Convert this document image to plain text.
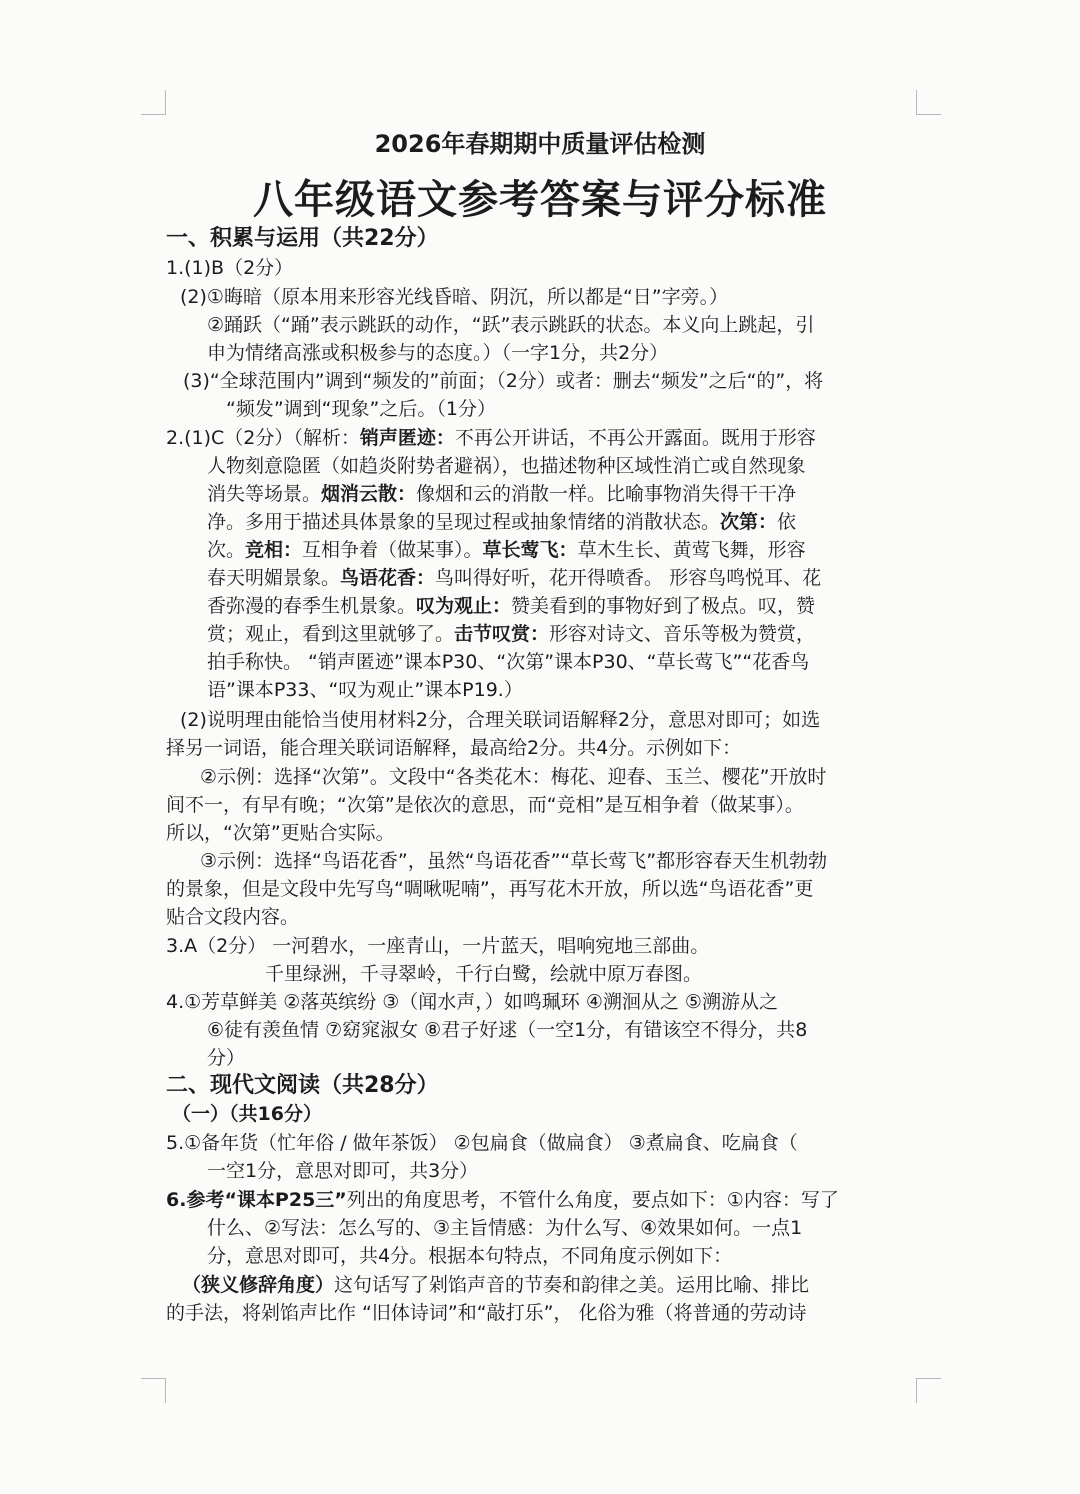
2026年春期期中质量评估检测
八年级语文参考答案与评分标准
一、积累与运用（共22分）
1.(1)B（2分）
(2)①晦暗（原本用来形容光线昏暗、阴沉，所以都是“日”字旁。）
②踊跃（“踊”表示跳跃的动作，“跃”表示跳跃的状态。本义向上跳起，引
申为情绪高涨或积极参与的态度。）（一字1分，共2分）
(3)“全球范围内”调到“频发的”前面；（2分）或者：删去“频发”之后“的”，将
“频发”调到“现象”之后。（1分）
2.(1)C（2分）（解析：销声匿迹：不再公开讲话，不再公开露面。既用于形容
人物刻意隐匿（如趋炎附势者避祸），也描述物种区域性消亡或自然现象
消失等场景。烟消云散：像烟和云的消散一样。比喻事物消失得干干净
净。多用于描述具体景象的呈现过程或抽象情绪的消散状态。次第：依
次。竞相：互相争着（做某事）。草长莺飞：草木生长、黄莺飞舞，形容
春天明媚景象。鸟语花香：鸟叫得好听，花开得喷香。 形容鸟鸣悦耳、花
香弥漫的春季生机景象。叹为观止：赞美看到的事物好到了极点。叹，赞
赏；观止，看到这里就够了。击节叹赏：形容对诗文、音乐等极为赞赏，
拍手称快。 “销声匿迹”课本P30、“次第”课本P30、“草长莺飞”“花香鸟
语”课本P33、“叹为观止”课本P19.）
(2)说明理由能恰当使用材料2分，合理关联词语解释2分，意思对即可；如选
择另一词语，能合理关联词语解释，最高给2分。共4分。示例如下：
②示例：选择“次第”。文段中“各类花木：梅花、迎春、玉兰、樱花”开放时
间不一，有早有晚；“次第”是依次的意思，而“竞相”是互相争着（做某事）。
所以，“次第”更贴合实际。
③示例：选择“鸟语花香”，虽然“鸟语花香”“草长莺飞”都形容春天生机勃勃
的景象，但是文段中先写鸟“啁啾呢喃”，再写花木开放，所以选“鸟语花香”更
贴合文段内容。
3.A（2分） 一河碧水，一座青山，一片蓝天，唱响宛地三部曲。
千里绿洲，千寻翠岭，千行白鹭，绘就中原万春图。
4.①芳草鲜美 ②落英缤纷 ③（闻水声，）如鸣珮环 ④溯洄从之 ⑤溯游从之
⑥徒有羡鱼情 ⑦窈窕淑女 ⑧君子好逑（一空1分，有错该空不得分，共8
分）
二、现代文阅读（共28分）
（一）（共16分）
5.①备年货（忙年俗 / 做年茶饭） ②包扁食（做扁食） ③煮扁食、吃扁食（
一空1分，意思对即可，共3分）
6.参考“课本P25三”列出的角度思考，不管什么角度，要点如下：①内容：写了
什么、②写法：怎么写的、③主旨情感：为什么写、④效果如何。一点1
分，意思对即可，共4分。根据本句特点，不同角度示例如下：
（狭义修辞角度）这句话写了剁馅声音的节奏和韵律之美。运用比喻、排比
的手法，将剁馅声比作 “旧体诗词”和“敲打乐”， 化俗为雅（将普通的劳动诗
